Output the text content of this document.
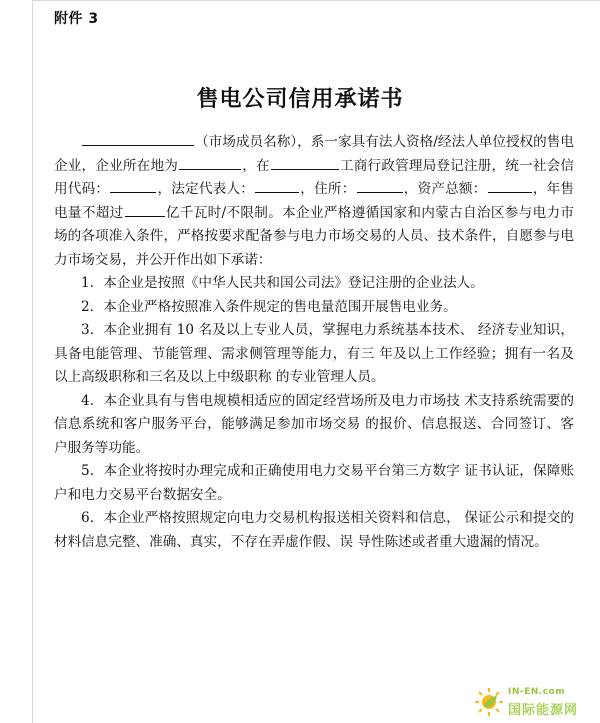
附件 3
售电公司信用承诺书

（市场成员名称），系一家具有法人资格/经法人单位授权的售电企业，企业所在地为	，在	工商行政管理局登记注册，统一社会信用代码：	，法定代表人：	，住所：	，资产总额：	，年售电量不超过	亿千瓦时/不限制。本企业严格遵循国家和内蒙古自治区参与电力市场的各项准入条件，严格按要求配备参与电力市场交易的人员、技术条件，自愿参与电力市场交易，并公开作出如下承诺：

1．本企业是按照《中华人民共和国公司法》登记注册的企业法人。

2．本企业严格按照准入条件规定的售电量范围开展售电业务。

3．本企业拥有 10 名及以上专业人员，掌握电力系统基本技术、 经济专业知识，具备电能管理、节能管理、需求侧管理等能力，有三 年及以上工作经验；拥有一名及以上高级职称和三名及以上中级职称 的专业管理人员。

4．本企业具有与售电规模相适应的固定经营场所及电力市场技 术支持系统需要的信息系统和客户服务平台，能够满足参加市场交易 的报价、信息报送、合同签订、客户服务等功能。

5．本企业将按时办理完成和正确使用电力交易平台第三方数字 证书认证，保障账户和电力交易平台数据安全。

6．本企业严格按照规定向电力交易机构报送相关资料和信息， 保证公示和提交的材料信息完整、准确、真实，不存在弄虚作假、误 导性陈述或者重大遗漏的情况。

IN-EN.com
国际能源网
